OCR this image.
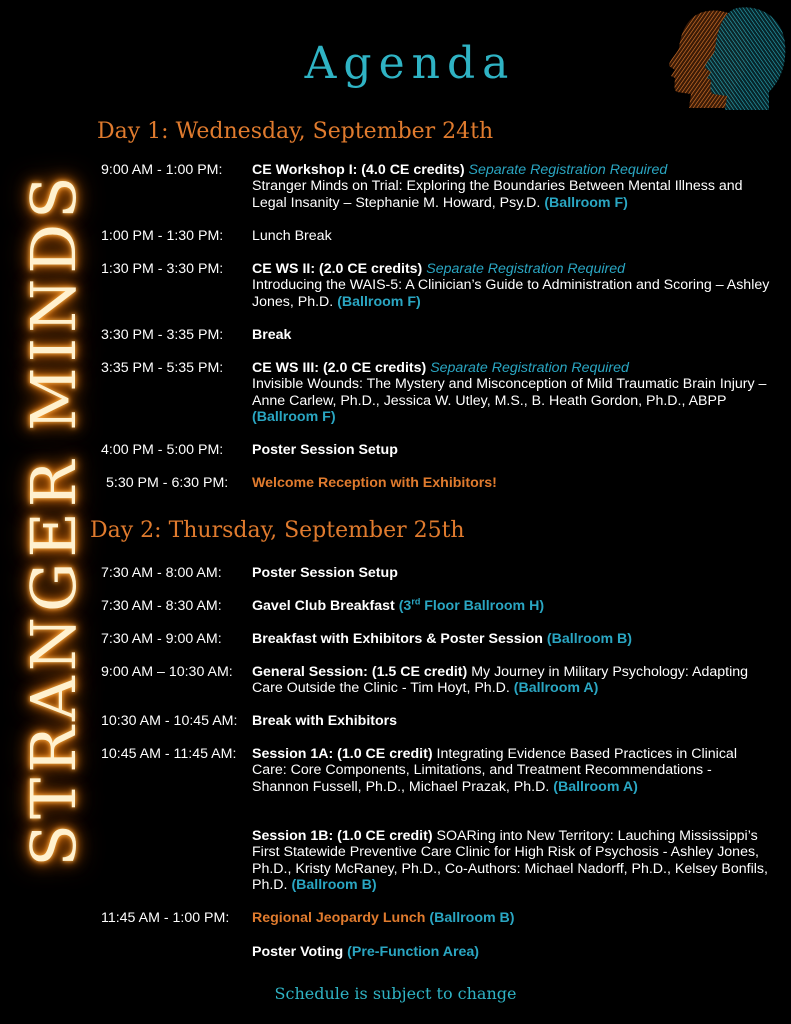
STRANGER MINDS
Agenda
Day 1: Wednesday, September 24th
9:00 AM - 1:00 PM: CE Workshop I: (4.0 CE credits) Separate Registration Required
Stranger Minds on Trial: Exploring the Boundaries Between Mental Illness and Legal Insanity – Stephanie M. Howard, Psy.D. (Ballroom F)
1:00 PM - 1:30 PM: Lunch Break
1:30 PM - 3:30 PM: CE WS II: (2.0 CE credits) Separate Registration Required
Introducing the WAIS-5: A Clinician’s Guide to Administration and Scoring – Ashley Jones, Ph.D. (Ballroom F)
3:30 PM - 3:35 PM: Break
3:35 PM - 5:35 PM: CE WS III: (2.0 CE credits) Separate Registration Required
Invisible Wounds: The Mystery and Misconception of Mild Traumatic Brain Injury – Anne Carlew, Ph.D., Jessica W. Utley, M.S., B. Heath Gordon, Ph.D., ABPP (Ballroom F)
4:00 PM - 5:00 PM: Poster Session Setup
5:30 PM - 6:30 PM: Welcome Reception with Exhibitors!
Day 2: Thursday, September 25th
7:30 AM - 8:00 AM: Poster Session Setup
7:30 AM - 8:30 AM: Gavel Club Breakfast (3rd Floor Ballroom H)
7:30 AM - 9:00 AM: Breakfast with Exhibitors & Poster Session (Ballroom B)
9:00 AM – 10:30 AM: General Session: (1.5 CE credit) My Journey in Military Psychology: Adapting Care Outside the Clinic - Tim Hoyt, Ph.D. (Ballroom A)
10:30 AM - 10:45 AM: Break with Exhibitors
10:45 AM - 11:45 AM: Session 1A: (1.0 CE credit) Integrating Evidence Based Practices in Clinical Care: Core Components, Limitations, and Treatment Recommendations - Shannon Fussell, Ph.D., Michael Prazak, Ph.D. (Ballroom A)
Session 1B: (1.0 CE credit) SOARing into New Territory: Lauching Mississippi’s First Statewide Preventive Care Clinic for High Risk of Psychosis - Ashley Jones, Ph.D., Kristy McRaney, Ph.D., Co-Authors: Michael Nadorff, Ph.D., Kelsey Bonfils, Ph.D. (Ballroom B)
11:45 AM - 1:00 PM: Regional Jeopardy Lunch (Ballroom B)
Poster Voting (Pre-Function Area)
Schedule is subject to change
